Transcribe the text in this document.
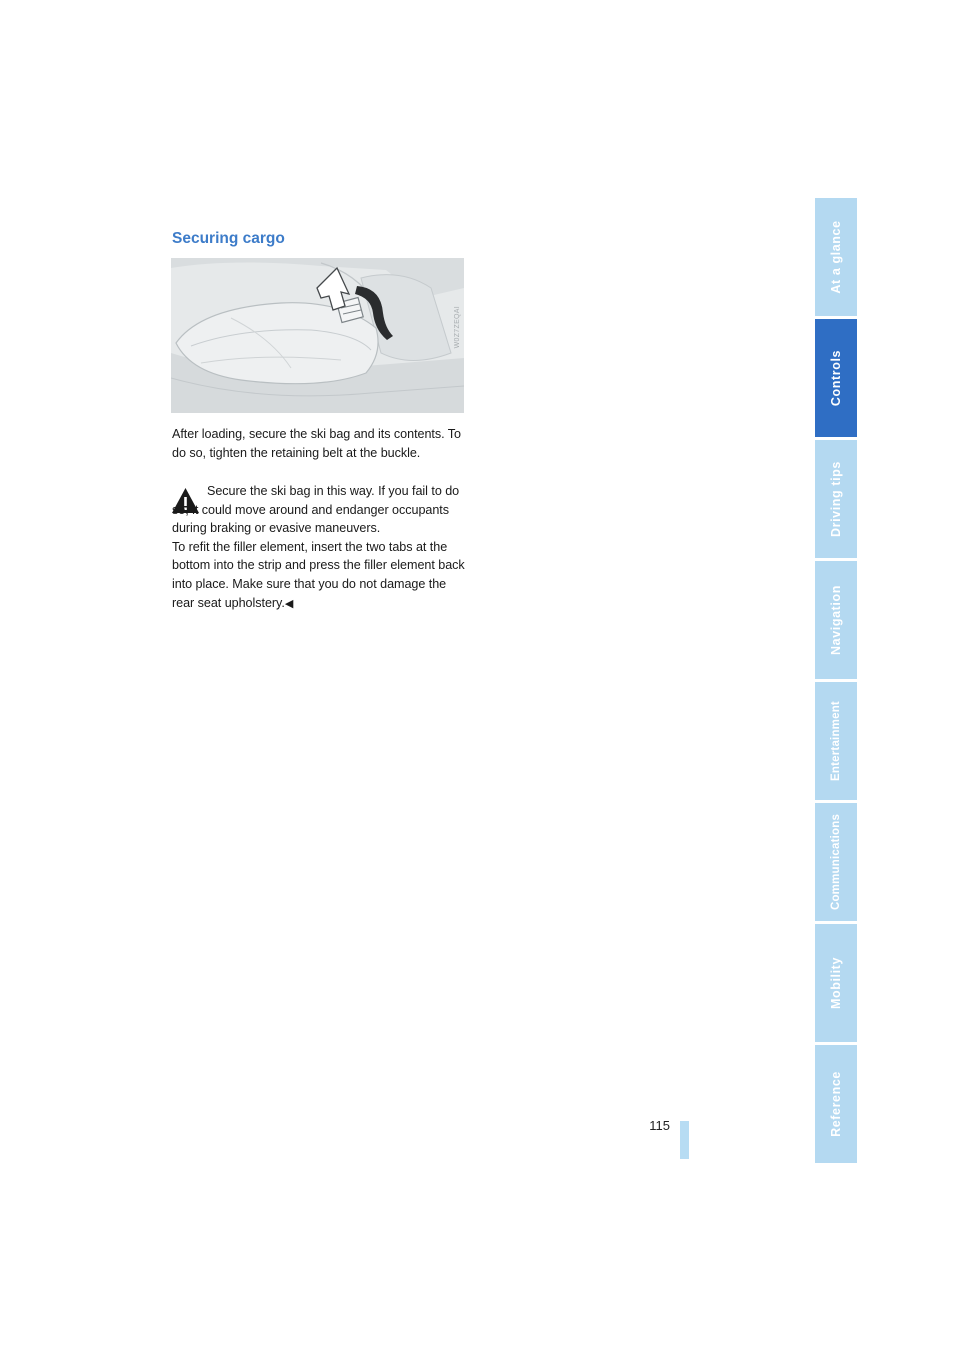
Securing cargo
W0Z7ZEQAI

After loading, secure the ski bag and its contents. To do so, tighten the retaining belt at the buckle.

Secure the ski bag in this way. If you fail to do so, it could move around and endanger occupants during braking or evasive maneuvers.
To refit the filler element, insert the two tabs at the bottom into the strip and press the filler element back into place. Make sure that you do not damage the rear seat upholstery.◀
115
At a glance
Controls
Driving tips
Navigation
Entertainment
Communications
Mobility
Reference
